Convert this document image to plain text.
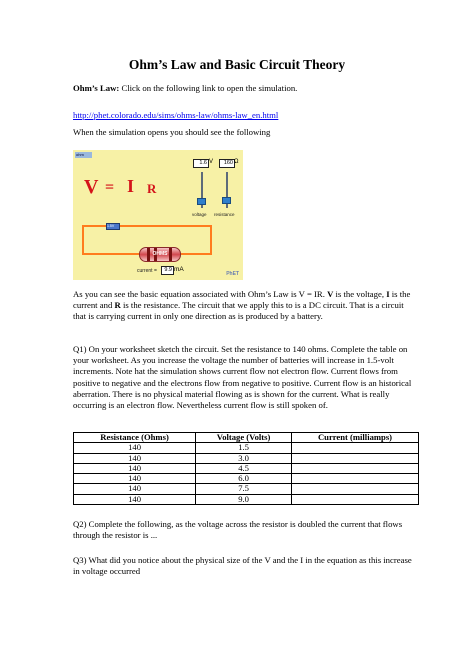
Ohm’s Law and Basic Circuit Theory
Ohm’s Law: Click on the following link to open the simulation.
http://phet.colorado.edu/sims/ohms-law/ohms-law_en.html
When the simulation opens you should see the following
ohm
V = I R
1.6 V	160 Ω
voltage resistance
1.5V
OHMS
current =	9.9 mA
PhET
As you can see the basic equation associated with Ohm’s Law is V = IR. V is the voltage, I is the current and R is the resistance. The circuit that we apply this to is a DC circuit. That is a circuit that is carrying current in only one direction as is produced by a battery.
Q1) On your worksheet sketch the circuit. Set the resistance to 140 ohms. Complete the table on your worksheet. As you increase the voltage the number of batteries will increase in 1.5-volt increments. Note hat the simulation shows current flow not electron flow. Current flows from positive to negative and the electrons flow from negative to positive. Current flow is an historical aberration. There is no physical material flowing as is shown for the current. What is really occurring is an electron flow. Nevertheless current flow is still spoken of.
Resistance (Ohms)	Voltage (Volts)	Current (milliamps)
140	1.5	
140	3.0	
140	4.5	
140	6.0	
140	7.5	
140	9.0	
Q2) Complete the following, as the voltage across the resistor is doubled the current that flows through the resistor is ...
Q3) What did you notice about the physical size of the V and the I in the equation as this increase in voltage occurred
